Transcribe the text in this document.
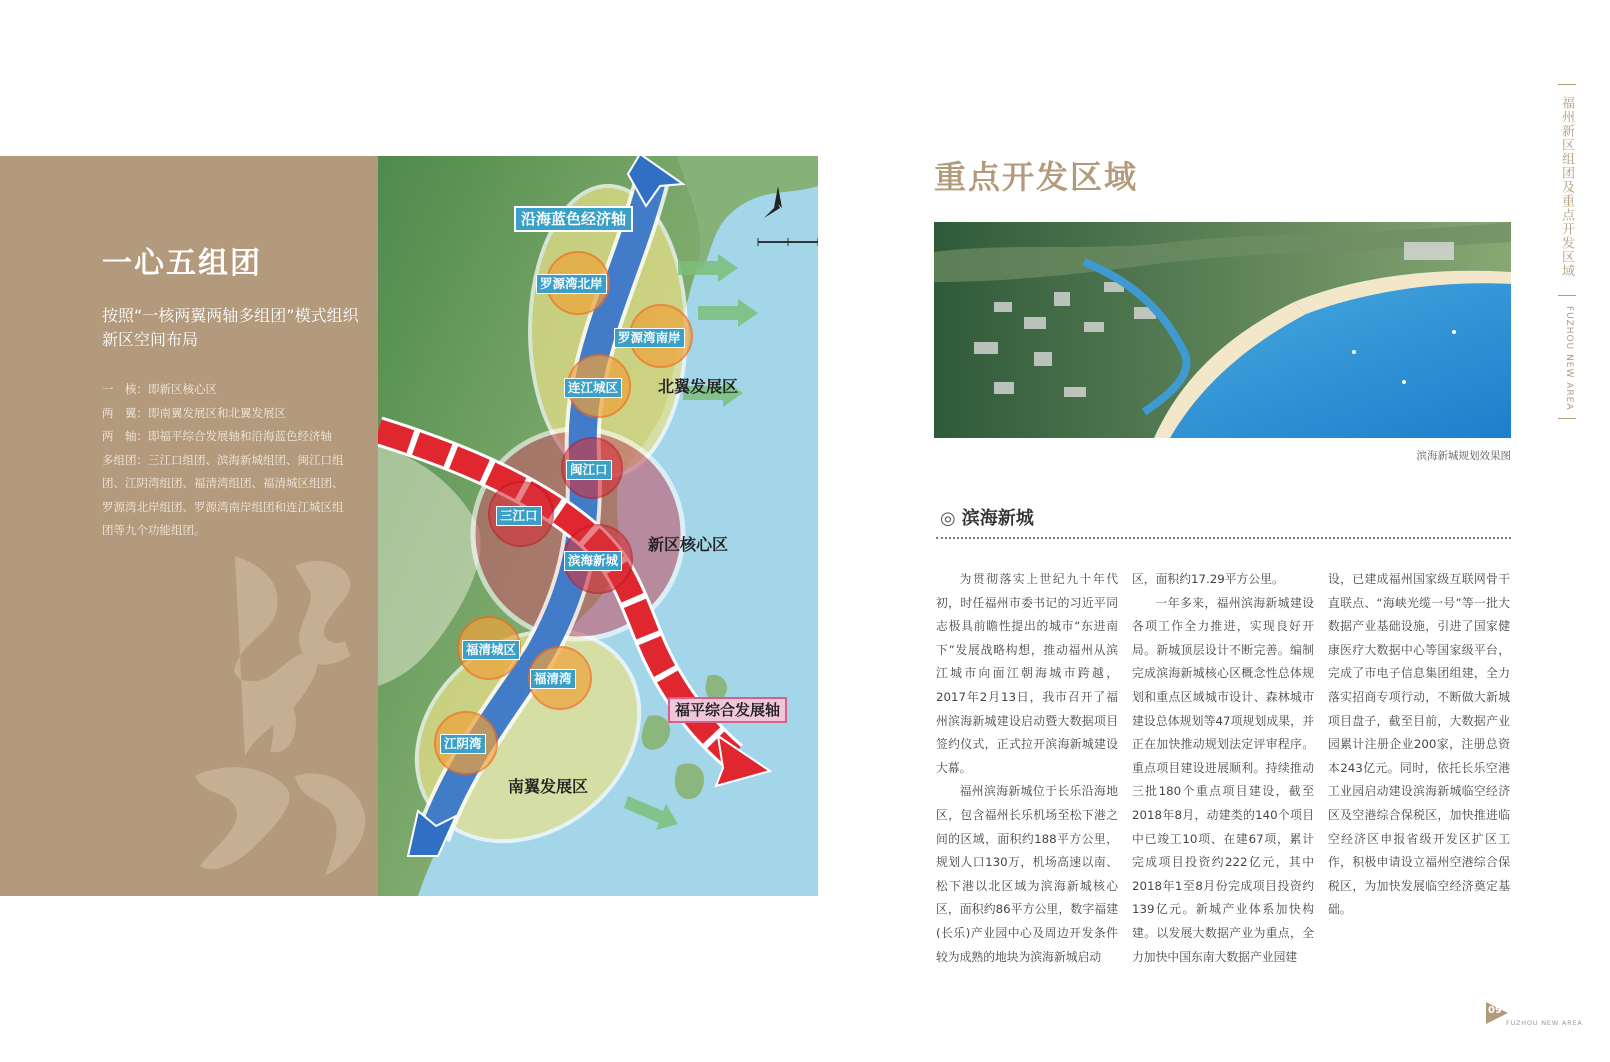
一心五组团
按照“一核两翼两轴多组团”模式组织新区空间布局
一　核：即新区核心区
两　翼：即南翼发展区和北翼发展区
两　轴：即福平综合发展轴和沿海蓝色经济轴
多组团：三江口组团、滨海新城组团、闽江口组团、江阴湾组团、福清湾组团、福清城区组团、罗源湾北岸组团、罗源湾南岸组团和连江城区组团等九个功能组团。
沿海蓝色经济轴
福平综合发展轴
北翼发展区
新区核心区
南翼发展区
罗源湾北岸
罗源湾南岸
连江城区
闽江口
三江口
滨海新城
福清城区
福清湾
江阴湾
重点开发区域
滨海新城规划效果图
◎ 滨海新城

为贯彻落实上世纪九十年代初，时任福州市委书记的习近平同志极具前瞻性提出的城市“东进南下”发展战略构想，推动福州从滨江城市向面江朝海城市跨越，2017年2月13日，我市召开了福州滨海新城建设启动暨大数据项目签约仪式，正式拉开滨海新城建设大幕。

福州滨海新城位于长乐沿海地区，包含福州长乐机场至松下港之间的区域，面积约188平方公里，规划人口130万，机场高速以南、松下港以北区域为滨海新城核心区，面积约86平方公里，数字福建(长乐)产业园中心及周边开发条件较为成熟的地块为滨海新城启动

区，面积约17.29平方公里。

一年多来，福州滨海新城建设各项工作全力推进，实现良好开局。新城顶层设计不断完善。编制完成滨海新城核心区概念性总体规划和重点区域城市设计、森林城市建设总体规划等47项规划成果，并正在加快推动规划法定评审程序。重点项目建设进展顺利。持续推动三批180个重点项目建设，截至2018年8月，动建类的140个项目中已竣工10项、在建67项，累计完成项目投资约222亿元，其中2018年1至8月份完成项目投资约139亿元。新城产业体系加快构建。以发展大数据产业为重点，全力加快中国东南大数据产业园建

设，已建成福州国家级互联网骨干直联点、“海峡光缆一号”等一批大数据产业基础设施，引进了国家健康医疗大数据中心等国家级平台，完成了市电子信息集团组建，全力落实招商专项行动，不断做大新城项目盘子，截至目前，大数据产业园累计注册企业200家，注册总资本243亿元。同时，依托长乐空港工业园启动建设滨海新城临空经济区及空港综合保税区，加快推进临空经济区申报省级开发区扩区工作，积极申请设立福州空港综合保税区，为加快发展临空经济奠定基础。

福州新区组团及重点开发区域
FUZHOU NEW AREA
09
FUZHOU NEW AREA
